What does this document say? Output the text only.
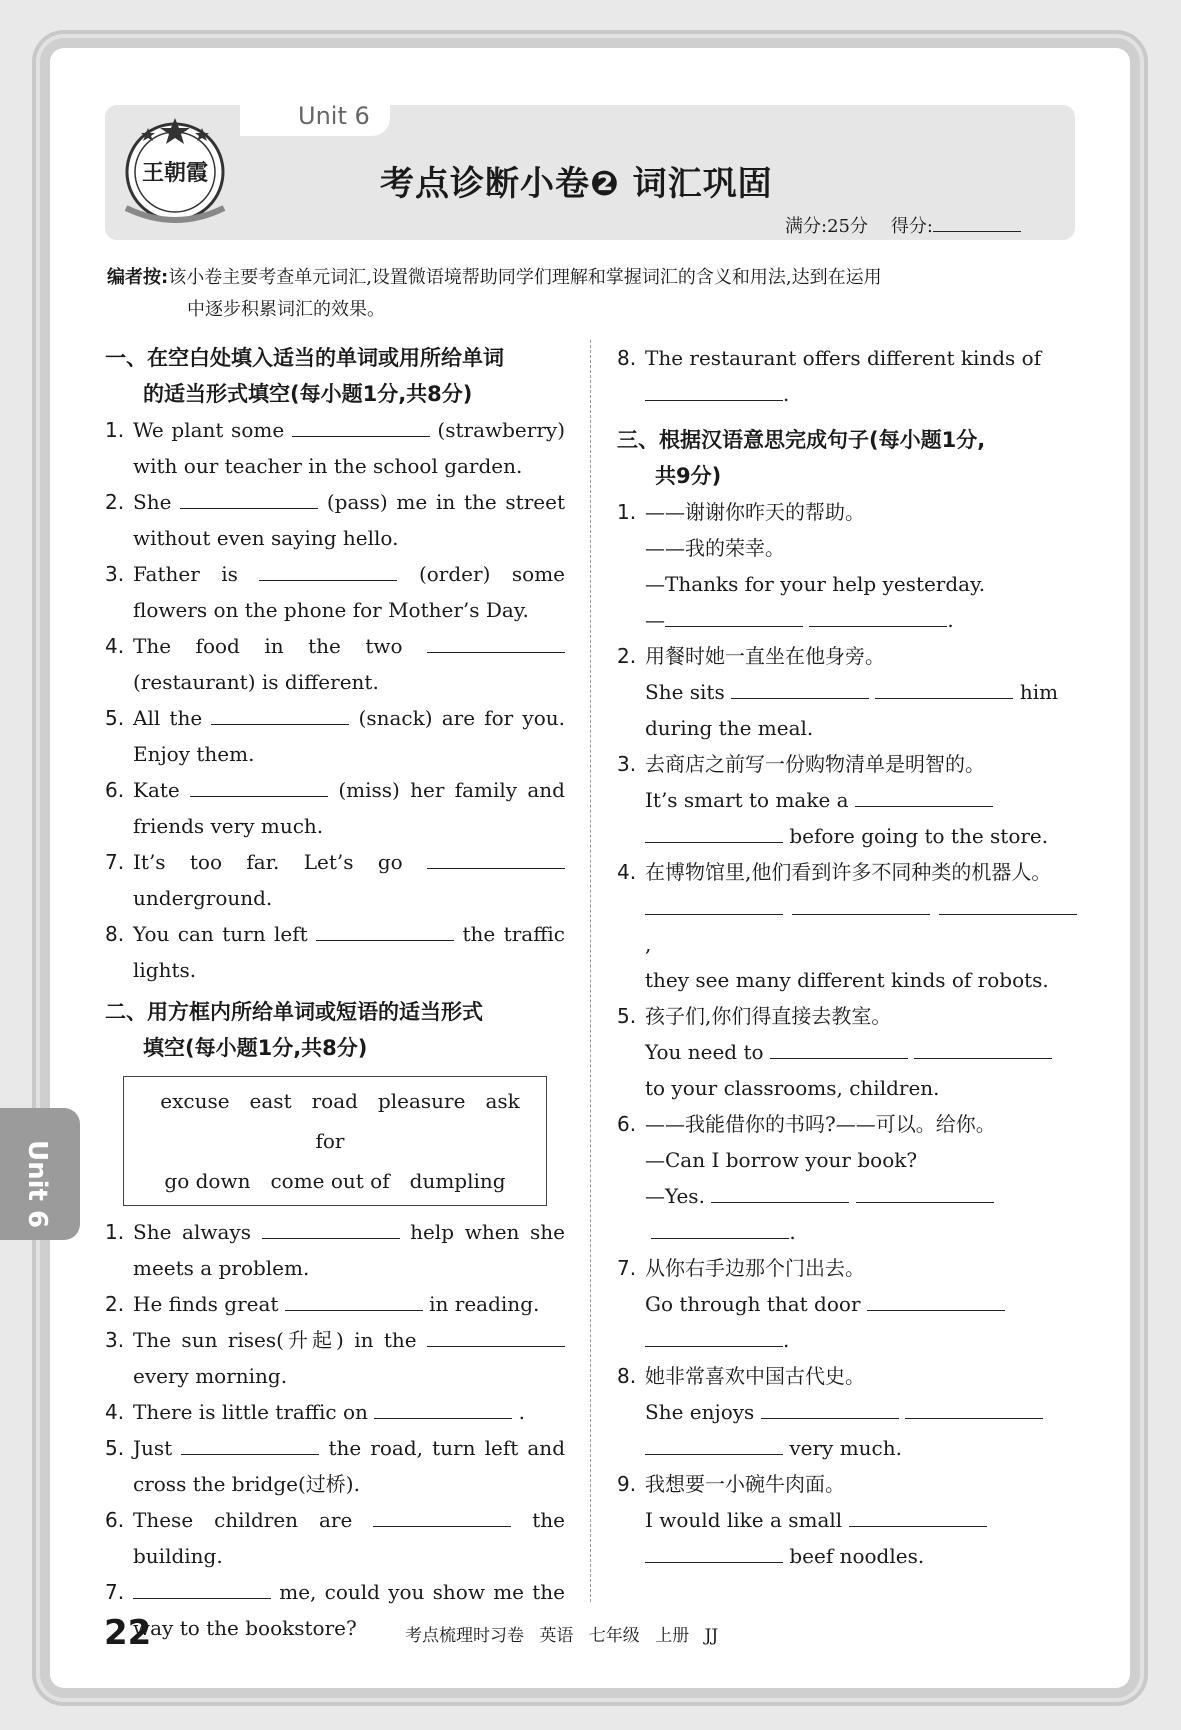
Unit 6
王朝霞	考点诊断小卷❷ 词汇巩固
满分:25分 得分:
编者按:该小卷主要考查单元词汇,设置微语境帮助同学们理解和掌握词汇的含义和用法,达到在运用
中逐步积累词汇的效果。

一、在空白处填入适当的单词或用所给单词
的适当形式填空(每小题1分,共8分)

1. We plant some	(strawberry) with our teacher in the school garden.
2. She	(pass) me in the street without even saying hello.
3. Father is	(order) some flowers on the phone for Mother’s Day.
4. The food in the two  (restaurant) is different.
5. All the	(snack) are for you. Enjoy them.
6. Kate	(miss) her family and friends very much.
7. It’s too far. Let’s go  underground.
8. You can turn left	the traffic lights.

二、用方框内所给单词或短语的适当形式
填空(每小题1分,共8分)

excuse east road pleasure ask for
go down come out of dumpling
1. She always	help when she meets a problem.
2. He finds great	in reading.
3. The sun rises(升起) in the  every morning.
4. There is little traffic on	.
5. Just	the road, turn left and cross the bridge(过桥).
6. These children are	the building.
7.	me, could you show me the way to the bookstore?
8. The restaurant offers different kinds of
.

三、根据汉语意思完成句子(每小题1分,
共9分)

1. ——谢谢你昨天的帮助。
——我的荣幸。
—Thanks for your help yesterday.
—	.
2. 用餐时她一直坐在他身旁。
She sits	him
during the meal.
3. 去商店之前写一份购物清单是明智的。
It’s smart to make a
before going to the store.
4. 在博物馆里,他们看到许多不同种类的机器人。
,
they see many different kinds of robots.
5. 孩子们,你们得直接去教室。
You need to
to your classrooms, children.
6. ——我能借你的书吗?——可以。给你。
—Can I borrow your book?
—Yes.
.
7. 从你右手边那个门出去。
Go through that door
.
8. 她非常喜欢中国古代史。
She enjoys
very much.
9. 我想要一小碗牛肉面。
I would like a small
beef noodles.
Unit 6
22	考点梳理时习卷 英语 七年级 上册 JJ
